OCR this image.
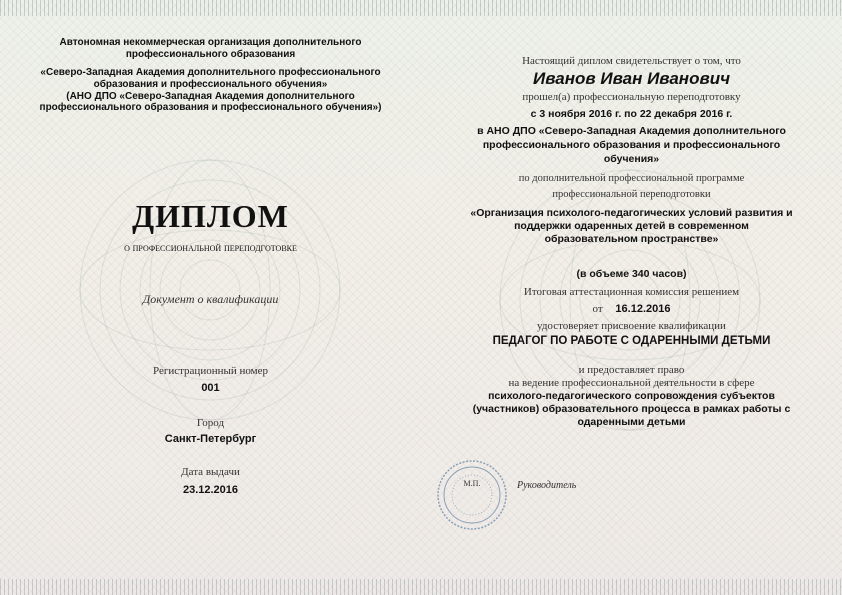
Автономная некоммерческая организация дополнительного
профессионального образования
«Северо-Западная Академия дополнительного профессионального
образования и профессионального обучения»
(АНО ДПО «Северо-Западная Академия дополнительного
профессионального образования и профессионального обучения»)
ДИПЛОМ
о профессиональной переподготовке
Документ о квалификации
Регистрационный номер
001
Город
Санкт-Петербург
Дата выдачи
23.12.2016
Настоящий диплом свидетельствует о том, что
Иванов Иван Иванович
прошел(а) профессиональную переподготовку
с 3 ноября 2016 г. по 22 декабря 2016 г.
в АНО ДПО «Северо-Западная Академия дополнительного
профессионального образования и профессионального
обучения»
по дополнительной профессиональной программе
профессиональной переподготовки
«Организация психолого-педагогических условий развития и
поддержки одаренных детей в современном
образовательном пространстве»
(в объеме 340 часов)
Итоговая аттестационная комиссия решением
от 16.12.2016
удостоверяет присвоение квалификации
ПЕДАГОГ ПО РАБОТЕ С ОДАРЕННЫМИ ДЕТЬМИ
и предоставляет право
на ведение профессиональной деятельности в сфере
психолого-педагогического сопровождения субъектов
(участников) образовательного процесса в рамках работы с
одаренными детьми
М.П.	Руководитель
